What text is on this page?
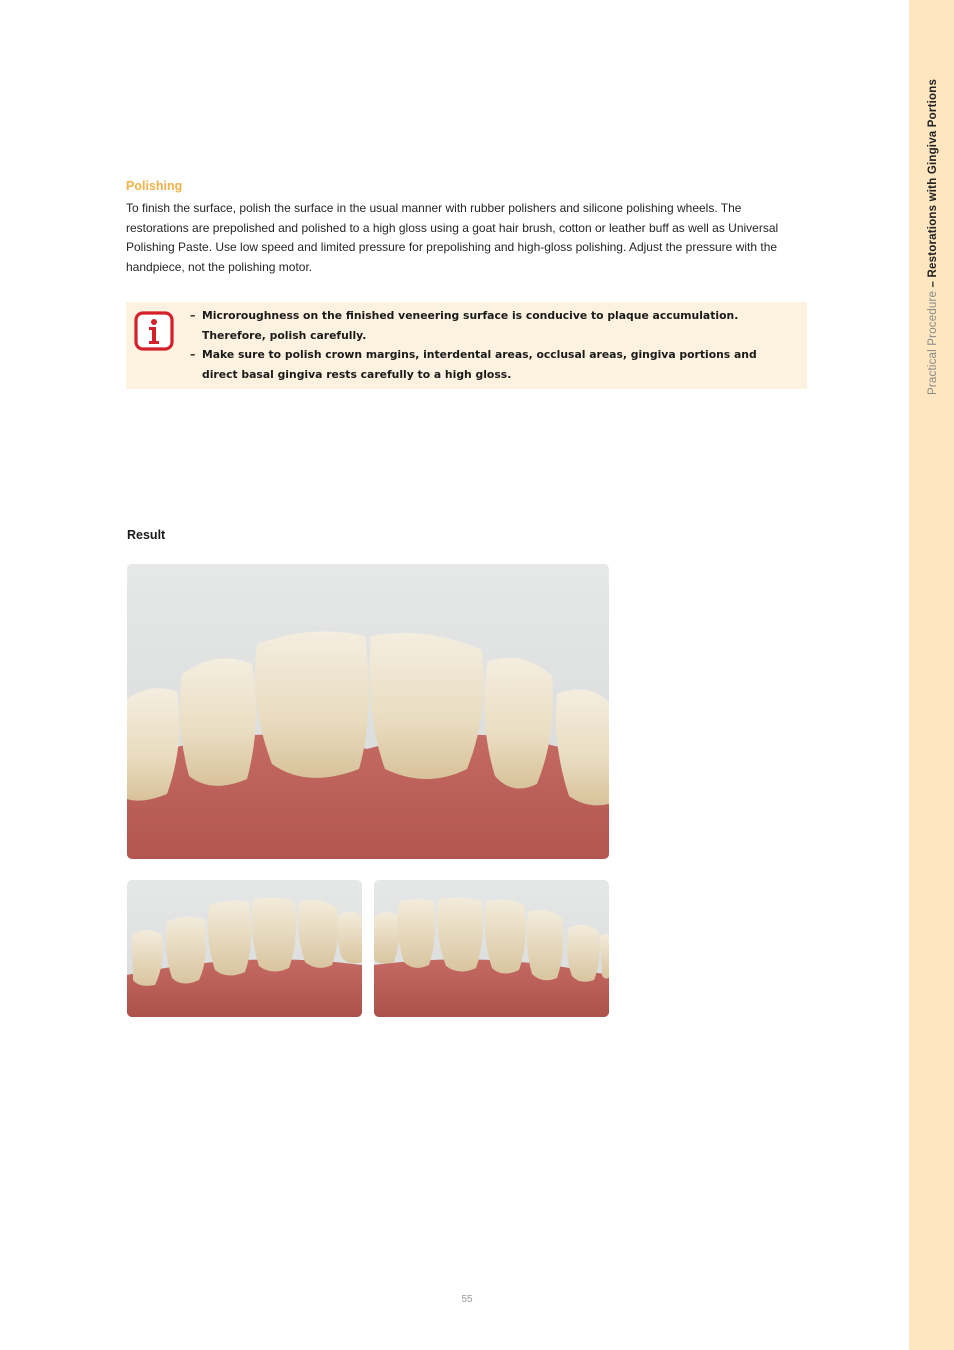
Practical Procedure – Restorations with Gingiva Portions
Polishing
To finish the surface, polish the surface in the usual manner with rubber polishers and silicone polishing wheels. The restorations are prepolished and polished to a high gloss using a goat hair brush, cotton or leather buff as well as Universal Polishing Paste. Use low speed and limited pressure for prepolishing and high-gloss polishing. Adjust the pressure with the handpiece, not the polishing motor.
– Microroughness on the finished veneering surface is conducive to plaque accumulation. Therefore, polish carefully.
– Make sure to polish crown margins, interdental areas, occlusal areas, gingiva portions and direct basal gingiva rests carefully to a high gloss.
Result
55
